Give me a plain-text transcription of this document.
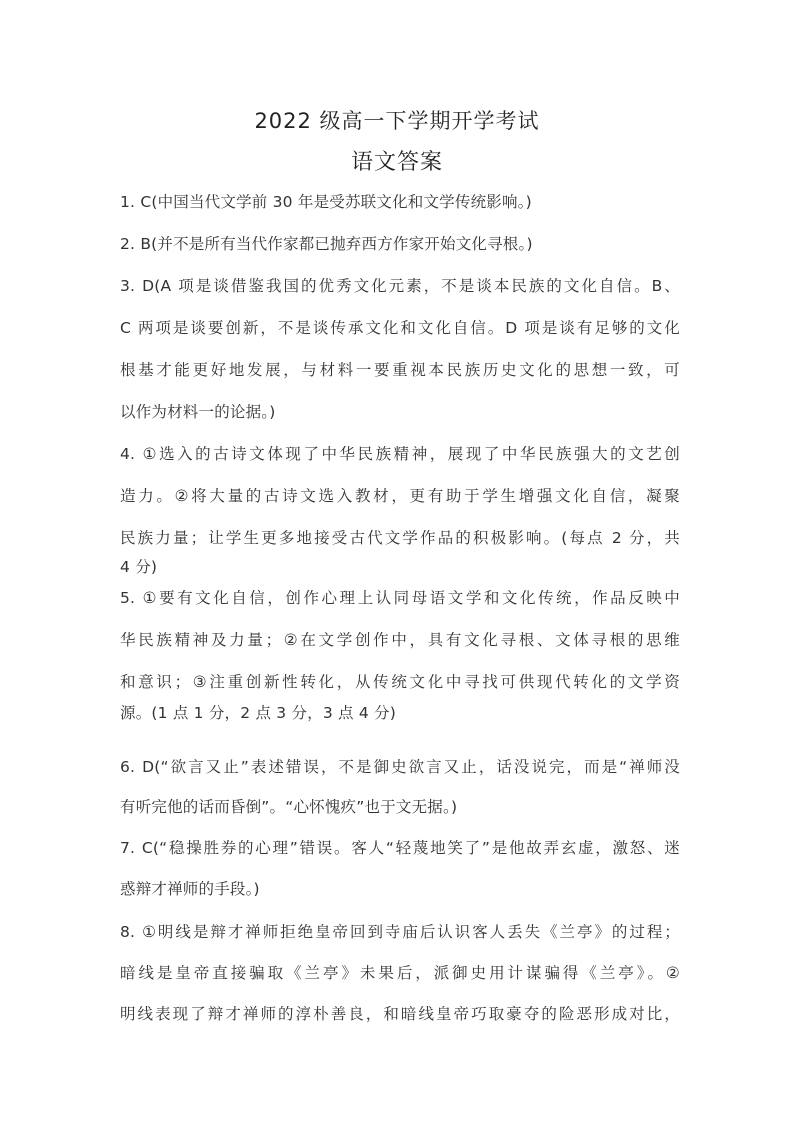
2022 级高一下学期开学考试
语文答案
1. C(中国当代文学前 30 年是受苏联文化和文学传统影响。)
2. B(并不是所有当代作家都已抛弃西方作家开始文化寻根。)
3. D(A 项是谈借鉴我国的优秀文化元素，不是谈本民族的文化自信。B、
C 两项是谈要创新，不是谈传承文化和文化自信。D 项是谈有足够的文化
根基才能更好地发展，与材料一要重视本民族历史文化的思想一致，可
以作为材料一的论据。)
4. ①选入的古诗文体现了中华民族精神，展现了中华民族强大的文艺创
造力。②将大量的古诗文选入教材，更有助于学生增强文化自信，凝聚
民族力量；让学生更多地接受古代文学作品的积极影响。(每点 2 分，共
4 分)
5. ①要有文化自信，创作心理上认同母语文学和文化传统，作品反映中
华民族精神及力量；②在文学创作中，具有文化寻根、文体寻根的思维
和意识；③注重创新性转化，从传统文化中寻找可供现代转化的文学资
源。(1 点 1 分，2 点 3 分，3 点 4 分)
6. D(“欲言又止”表述错误，不是御史欲言又止，话没说完，而是“禅师没
有听完他的话而昏倒”。“心怀愧疚”也于文无据。)
7. C(“稳操胜券的心理”错误。客人“轻蔑地笑了”是他故弄玄虚，激怒、迷
惑辩才禅师的手段。)
8. ①明线是辩才禅师拒绝皇帝回到寺庙后认识客人丢失《兰亭》的过程；
暗线是皇帝直接骗取《兰亭》未果后，派御史用计谋骗得《兰亭》。②
明线表现了辩才禅师的淳朴善良，和暗线皇帝巧取豪夺的险恶形成对比，
